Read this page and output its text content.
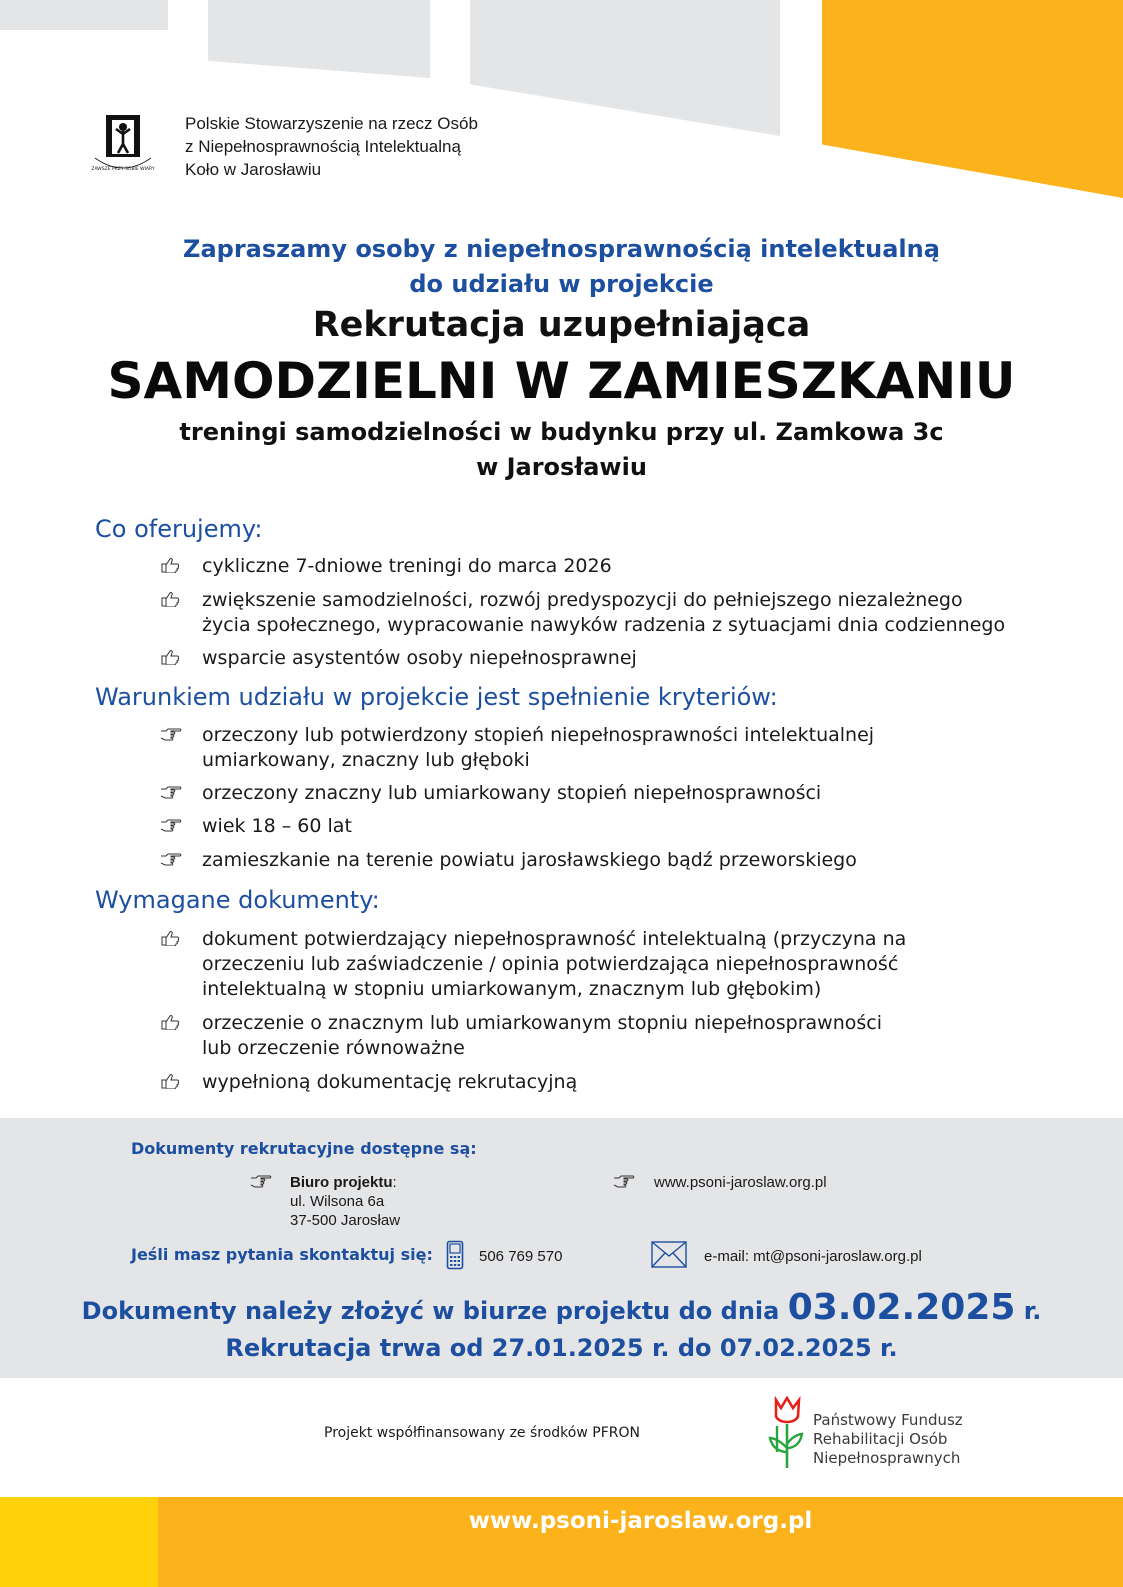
ZAWSZE PRZY SOBIE WIARY
Polskie Stowarzyszenie na rzecz Osób
z Niepełnosprawnością Intelektualną
Koło w Jarosławiu
Zapraszamy osoby z niepełnosprawnością intelektualną
do udziału w projekcie
Rekrutacja uzupełniająca
SAMODZIELNI W ZAMIESZKANIU
treningi samodzielności w budynku przy ul. Zamkowa 3c
w Jarosławiu
Co oferujemy:
cykliczne 7-dniowe treningi do marca 2026
zwiększenie samodzielności, rozwój predyspozycji do pełniejszego niezależnego
życia społecznego, wypracowanie nawyków radzenia z sytuacjami dnia codziennego
wsparcie asystentów osoby niepełnosprawnej
Warunkiem udziału w projekcie jest spełnienie kryteriów:
orzeczony lub potwierdzony stopień niepełnosprawności intelektualnej
umiarkowany, znaczny lub głęboki
orzeczony znaczny lub umiarkowany stopień niepełnosprawności
wiek 18 – 60 lat
zamieszkanie na terenie powiatu jarosławskiego bądź przeworskiego
Wymagane dokumenty:
dokument potwierdzający niepełnosprawność intelektualną (przyczyna na
orzeczeniu lub zaświadczenie / opinia potwierdzająca niepełnosprawność
intelektualną w stopniu umiarkowanym, znacznym lub głębokim)
orzeczenie o znacznym lub umiarkowanym stopniu niepełnosprawności
lub orzeczenie równoważne
wypełnioną dokumentację rekrutacyjną
Dokumenty rekrutacyjne dostępne są:
Biuro projektu:
ul. Wilsona 6a
37-500 Jarosław
www.psoni-jaroslaw.org.pl
Jeśli masz pytania skontaktuj się:	506 769 570	e-mail: mt@psoni-jaroslaw.org.pl
Dokumenty należy złożyć w biurze projektu do dnia 03.02.2025 r.
Rekrutacja trwa od 27.01.2025 r. do 07.02.2025 r.
Projekt współfinansowany ze środków PFRON
Państwowy Fundusz
Rehabilitacji Osób
Niepełnosprawnych
www.psoni-jaroslaw.org.pl
